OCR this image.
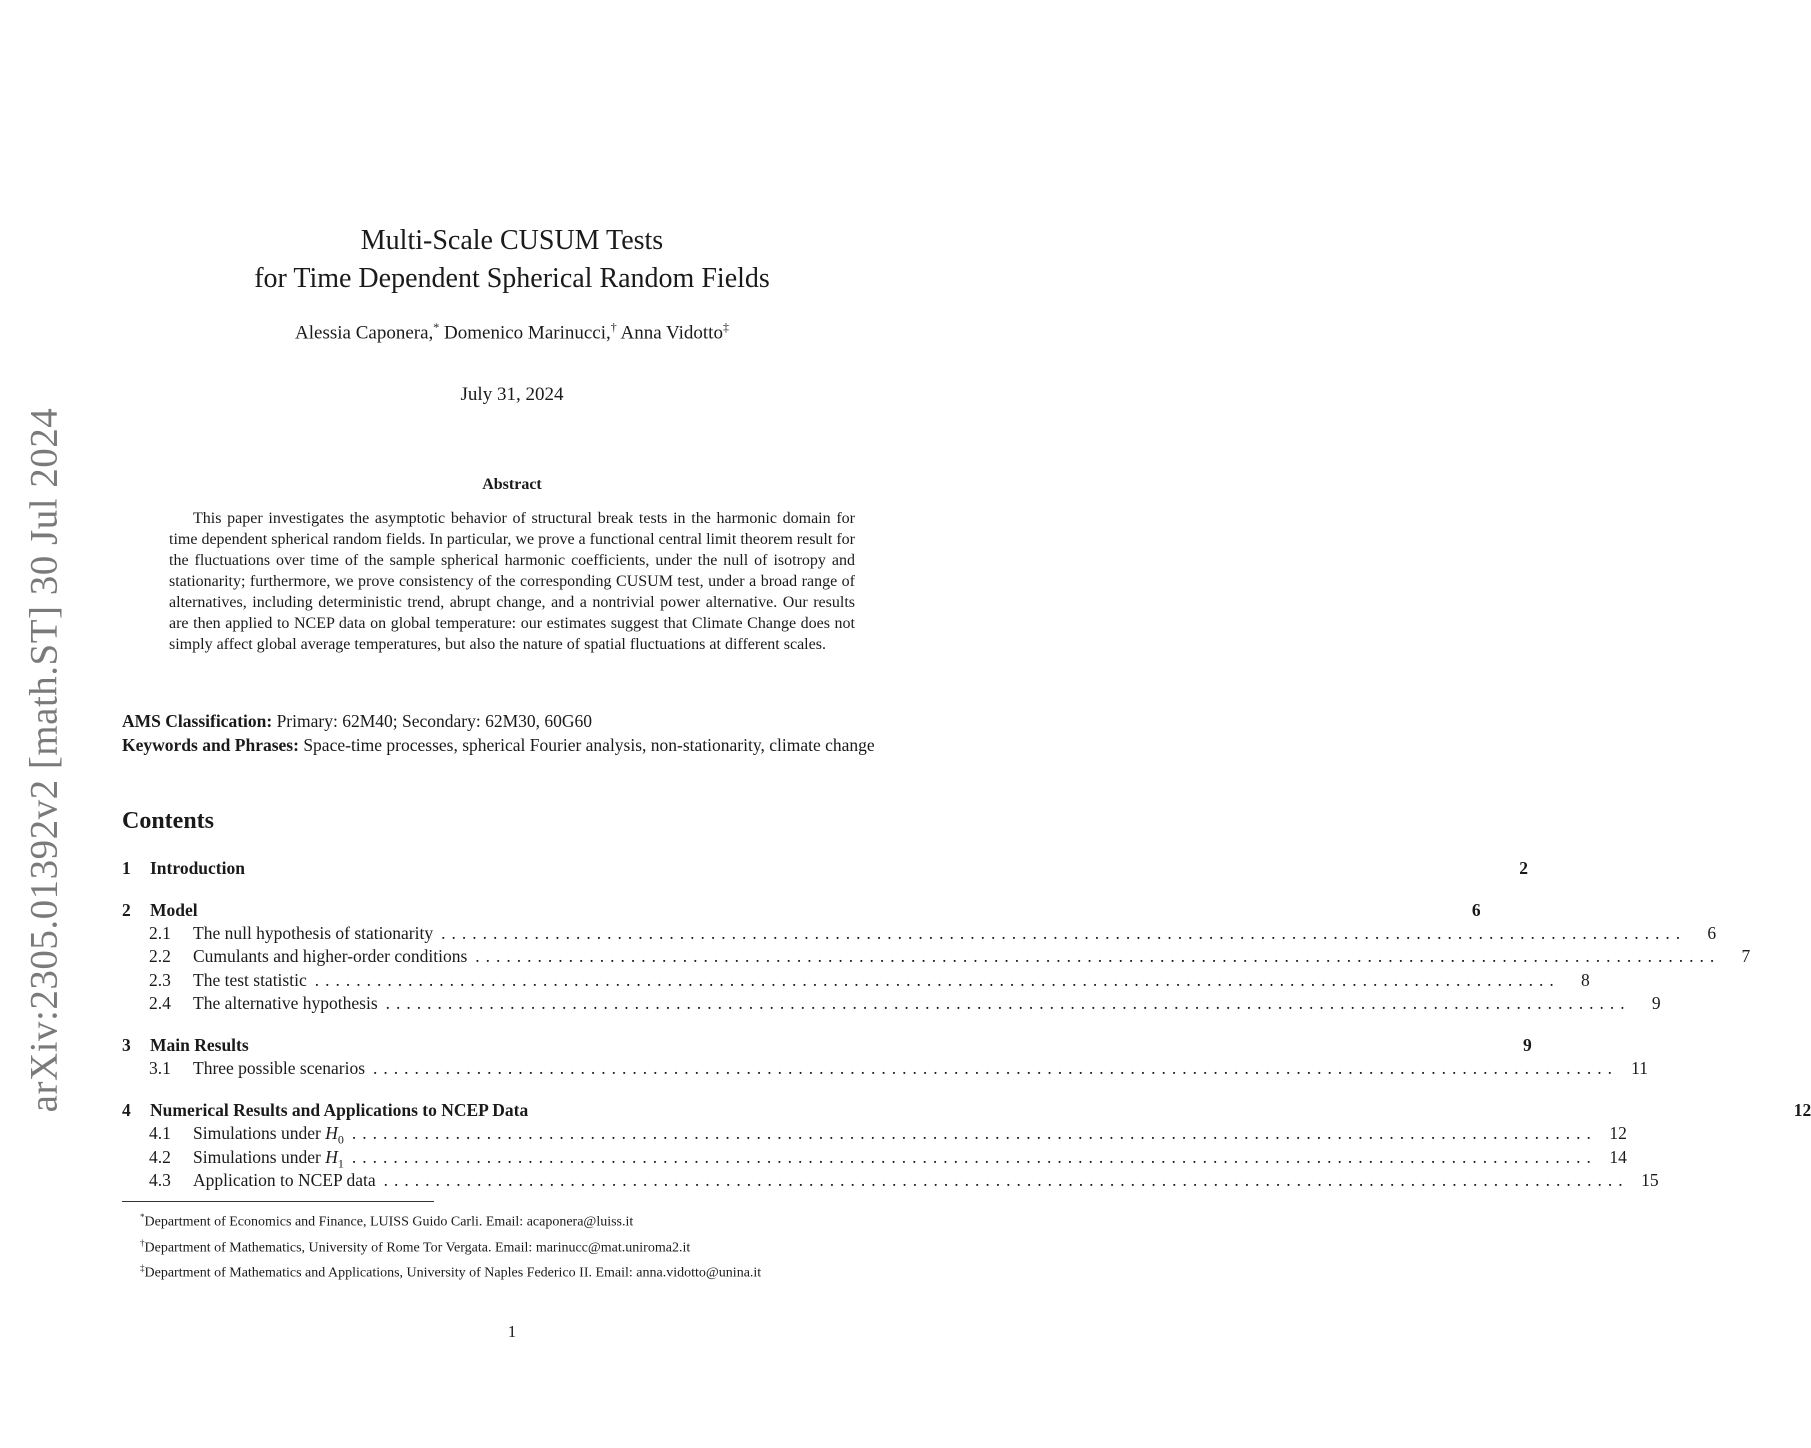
arXiv:2305.01392v2 [math.ST] 30 Jul 2024
Multi-Scale CUSUM Tests
for Time Dependent Spherical Random Fields
Alessia Caponera,* Domenico Marinucci,† Anna Vidotto‡
July 31, 2024
Abstract
This paper investigates the asymptotic behavior of structural break tests in the harmonic domain for time dependent spherical random fields. In particular, we prove a functional central limit theorem result for the fluctuations over time of the sample spherical harmonic coefficients, under the null of isotropy and stationarity; furthermore, we prove consistency of the corresponding CUSUM test, under a broad range of alternatives, including deterministic trend, abrupt change, and a nontrivial power alternative. Our results are then applied to NCEP data on global temperature: our estimates suggest that Climate Change does not simply affect global average temperatures, but also the nature of spatial fluctuations at different scales.
AMS Classification: Primary: 62M40; Secondary: 62M30, 60G60
Keywords and Phrases: Space-time processes, spherical Fourier analysis, non-stationarity, climate change
Contents
1	Introduction	2
2	Model	6
2.1	The null hypothesis of stationarity ........................................................................................................................	6
2.2	Cumulants and higher-order conditions ........................................................................................................................	7
2.3	The test statistic ........................................................................................................................	8
2.4	The alternative hypothesis ........................................................................................................................	9
3	Main Results	9
3.1	Three possible scenarios ........................................................................................................................ 11
4	Numerical Results and Applications to NCEP Data	12
4.1	Simulations under $H_0$ ........................................................................................................................ 12
4.2	Simulations under $H_1$ ........................................................................................................................ 14
4.3	Application to NCEP data ........................................................................................................................ 15
*Department of Economics and Finance, LUISS Guido Carli. Email: acaponera@luiss.it
†Department of Mathematics, University of Rome Tor Vergata. Email: marinucc@mat.uniroma2.it
‡Department of Mathematics and Applications, University of Naples Federico II. Email: anna.vidotto@unina.it
1
